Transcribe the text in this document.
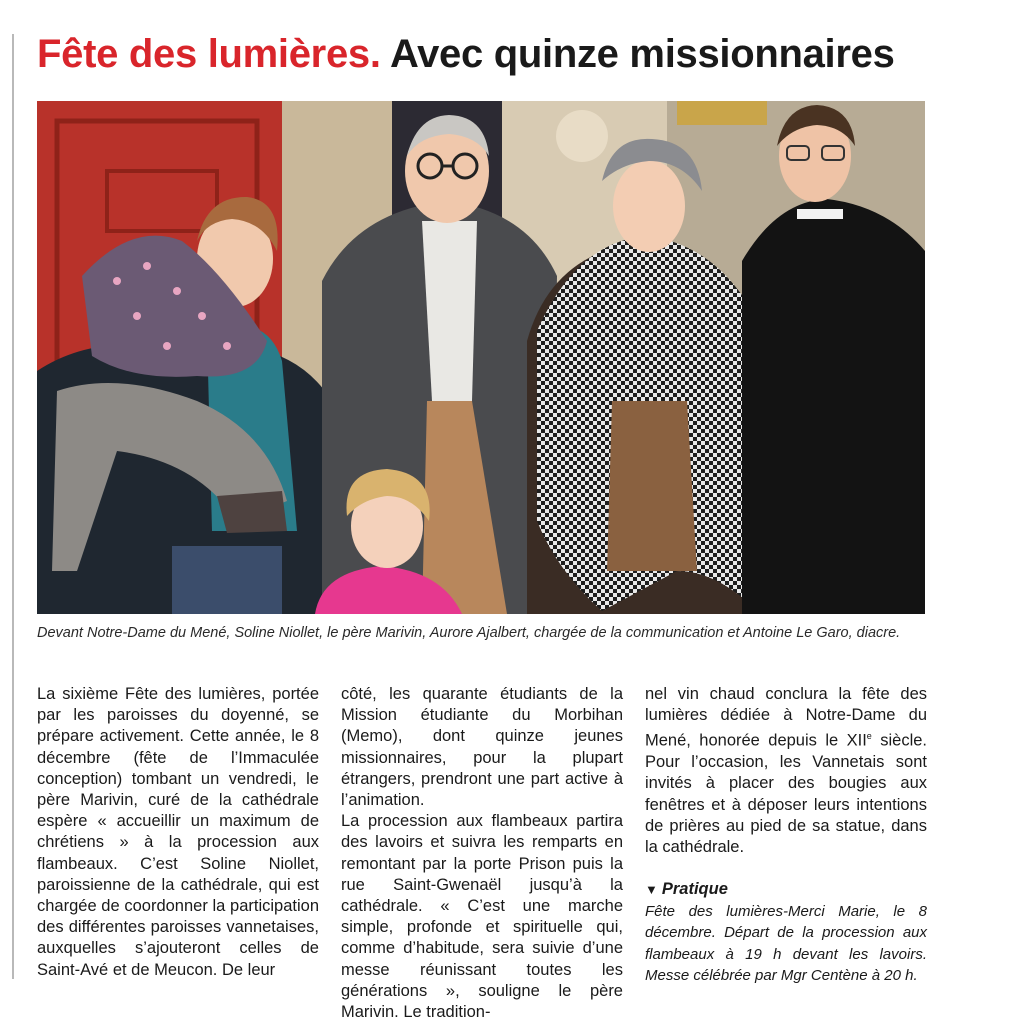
Fête des lumières. Avec quinze missionnaires

Devant Notre-Dame du Mené, Soline Niollet, le père Marivin, Aurore Ajalbert, chargée de la communication et Antoine Le Garo, diacre.

La sixième Fête des lumières, portée par les paroisses du doyenné, se prépare activement. Cette année, le 8 décembre (fête de l’Immaculée conception) tombant un vendredi, le père Marivin, curé de la cathédrale espère « accueillir un maximum de chrétiens » à la procession aux flambeaux. C’est Soline Niollet, paroissienne de la cathédrale, qui est chargée de coordonner la participation des différentes paroisses vannetaises, auxquelles s’ajouteront celles de Saint-Avé et de Meucon. De leur

côté, les quarante étudiants de la Mission étudiante du Morbihan (Memo), dont quinze jeunes missionnaires, pour la plupart étrangers, prendront une part active à l’animation.

La procession aux flambeaux partira des lavoirs et suivra les remparts en remontant par la porte Prison puis la rue Saint-Gwenaël jusqu’à la cathédrale. « C’est une marche simple, profonde et spirituelle qui, comme d’habitude, sera suivie d’une messe réunissant toutes les générations », souligne le père Marivin. Le tradition-

nel vin chaud conclura la fête des lumières dédiée à Notre-Dame du Mené, honorée depuis le XIIe siècle. Pour l’occasion, les Vannetais sont invités à placer des bougies aux fenêtres et à déposer leurs intentions de prières au pied de sa statue, dans la cathédrale.

▼ Pratique

Fête des lumières-Merci Marie, le 8 décembre. Départ de la procession aux flambeaux à 19 h devant les lavoirs. Messe célébrée par Mgr Centène à 20 h.
